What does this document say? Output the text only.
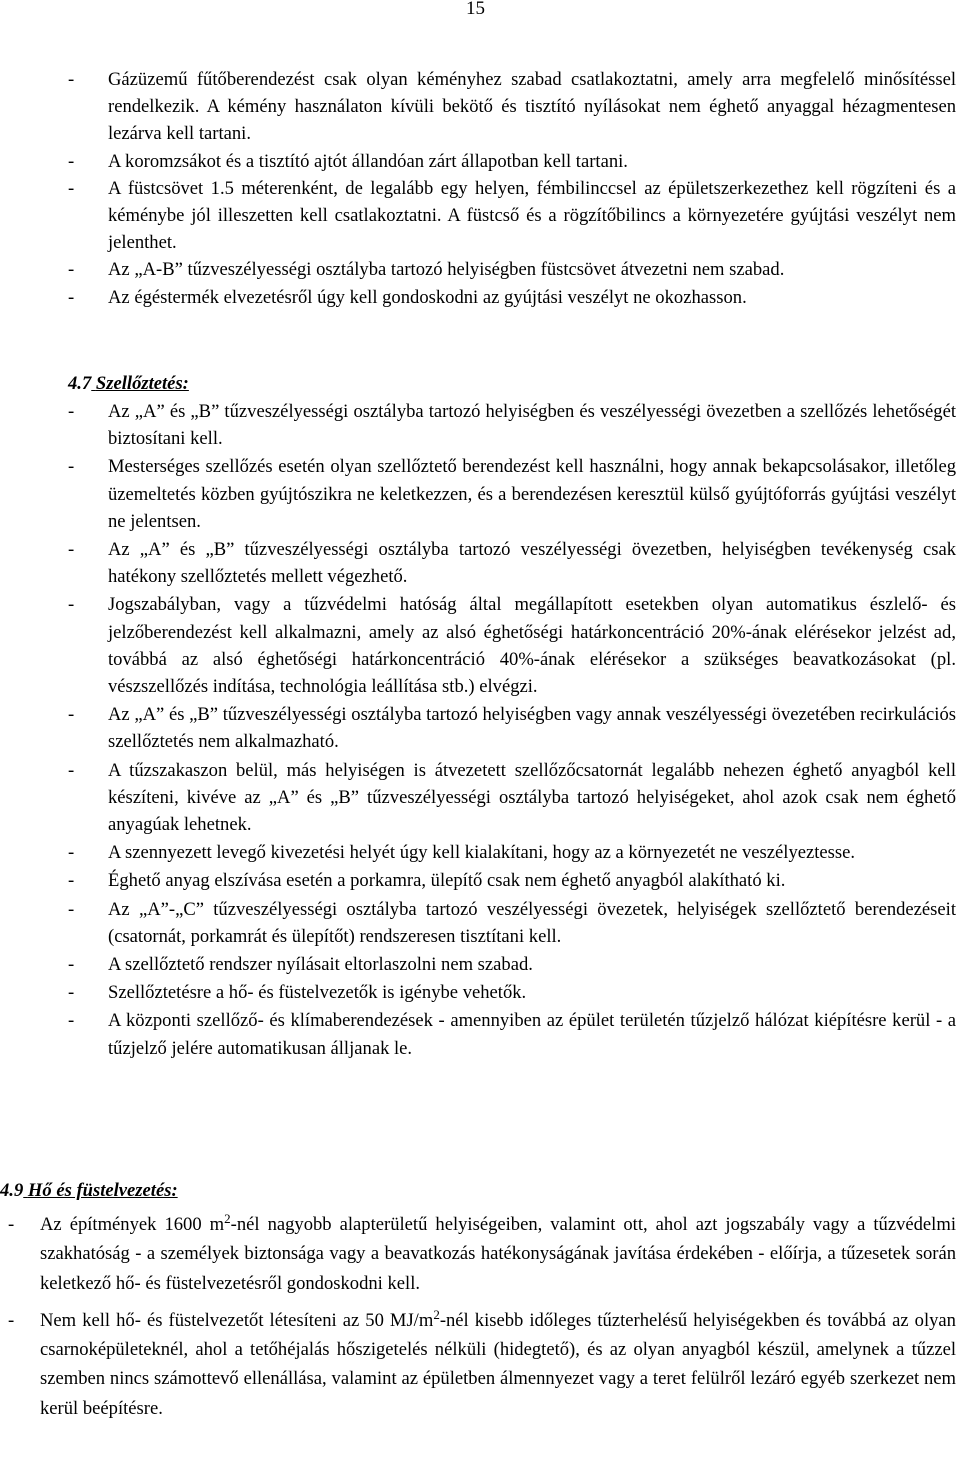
15
-	Gázüzemű fűtőberendezést csak olyan kéményhez szabad csatlakoztatni, amely arra megfelelő minősítéssel rendelkezik. A kémény használaton kívüli bekötő és tisztító nyílásokat nem éghető anyaggal hézagmentesen lezárva kell tartani.
-	A koromzsákot és a tisztító ajtót állandóan zárt állapotban kell tartani.
-	A füstcsövet 1.5 méterenként, de legalább egy helyen, fémbilinccsel az épületszerkezethez kell rögzíteni és a kéménybe jól illeszetten kell csatlakoztatni. A füstcső és a rögzítőbilincs a környezetére gyújtási veszélyt nem jelenthet.
-	Az „A-B” tűzveszélyességi osztályba tartozó helyiségben füstcsövet átvezetni nem szabad.
-	Az égéstermék elvezetésről úgy kell gondoskodni az gyújtási veszélyt ne okozhasson.
4.7 Szellőztetés:
-	Az „A” és „B” tűzveszélyességi osztályba tartozó helyiségben és veszélyességi övezetben a szellőzés lehetőségét biztosítani kell.
-	Mesterséges szellőzés esetén olyan szellőztető berendezést kell használni, hogy annak bekapcsolásakor, illetőleg üzemeltetés közben gyújtószikra ne keletkezzen, és a berendezésen keresztül külső gyújtóforrás gyújtási veszélyt ne jelentsen.
-	Az „A” és „B” tűzveszélyességi osztályba tartozó veszélyességi övezetben, helyiségben tevékenység csak hatékony szellőztetés mellett végezhető.
-	Jogszabályban, vagy a tűzvédelmi hatóság által megállapított esetekben olyan automatikus észlelő- és jelzőberendezést kell alkalmazni, amely az alsó éghetőségi határkoncentráció 20%-ának elérésekor jelzést ad, továbbá az alsó éghetőségi határkoncentráció 40%-ának elérésekor a szükséges beavatkozásokat (pl. vészszellőzés indítása, technológia leállítása stb.) elvégzi.
-	Az „A” és „B” tűzveszélyességi osztályba tartozó helyiségben vagy annak veszélyességi övezetében recirkulációs szellőztetés nem alkalmazható.
-	A tűzszakaszon belül, más helyiségen is átvezetett szellőzőcsatornát legalább nehezen éghető anyagból kell készíteni, kivéve az „A” és „B” tűzveszélyességi osztályba tartozó helyiségeket, ahol azok csak nem éghető anyagúak lehetnek.
-	A szennyezett levegő kivezetési helyét úgy kell kialakítani, hogy az a környezetét ne veszélyeztesse.
-	Éghető anyag elszívása esetén a porkamra, ülepítő csak nem éghető anyagból alakítható ki.
-	Az „A”-„C” tűzveszélyességi osztályba tartozó veszélyességi övezetek, helyiségek szellőztető berendezéseit (csatornát, porkamrát és ülepítőt) rendszeresen tisztítani kell.
-	A szellőztető rendszer nyílásait eltorlaszolni nem szabad.
-	Szellőztetésre a hő- és füstelvezetők is igénybe vehetők.
-	A központi szellőző- és klímaberendezések - amennyiben az épület területén tűzjelző hálózat kiépítésre kerül - a tűzjelző jelére automatikusan álljanak le.
4.9 Hő és füstelvezetés:
-	Az építmények 1600 $m^2$-nél nagyobb alapterületű helyiségeiben, valamint ott, ahol azt jogszabály vagy a tűzvédelmi szakhatóság - a személyek biztonsága vagy a beavatkozás hatékonyságának javítása érdekében - előírja, a tűzesetek során keletkező hő- és füstelvezetésről gondoskodni kell.
-	Nem kell hő- és füstelvezetőt létesíteni az 50 $MJ/m^2$-nél kisebb időleges tűzterhelésű helyiségekben és továbbá az olyan csarnoképületeknél, ahol a tetőhéjalás hőszigetelés nélküli (hidegtető), és az olyan anyagból készül, amelynek a tűzzel szemben nincs számottevő ellenállása, valamint az épületben álmennyezet vagy a teret felülről lezáró egyéb szerkezet nem kerül beépítésre.
